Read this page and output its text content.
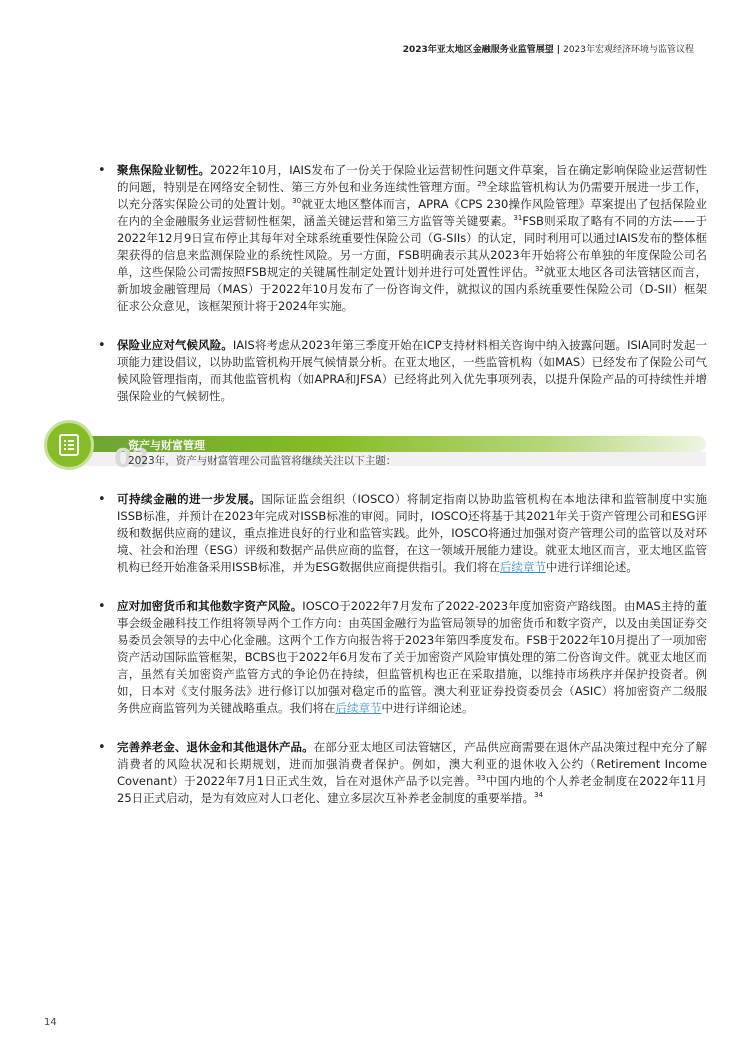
2023年亚太地区金融服务业监管展望 | 2023年宏观经济环境与监管议程
• 聚焦保险业韧性。2022年10月，IAIS发布了一份关于保险业运营韧性问题文件草案，旨在确定影响保险业运营韧性的问题，特别是在网络安全韧性、第三方外包和业务连续性管理方面。$^{29}$全球监管机构认为仍需要开展进一步工作，以充分落实保险公司的处置计划。$^{30}$就亚太地区整体而言，APRA《CPS 230操作风险管理》草案提出了包括保险业在内的全金融服务业运营韧性框架，涵盖关键运营和第三方监管等关键要素。$^{31}$FSB则采取了略有不同的方法——于2022年12月9日宣布停止其每年对全球系统重要性保险公司（G-SIIs）的认定，同时利用可以通过IAIS发布的整体框架获得的信息来监测保险业的系统性风险。另一方面，FSB明确表示其从2023年开始将公布单独的年度保险公司名单，这些保险公司需按照FSB规定的关键属性制定处置计划并进行可处置性评估。$^{32}$就亚太地区各司法管辖区而言，新加坡金融管理局（MAS）于2022年10月发布了一份咨询文件，就拟议的国内系统重要性保险公司（D-SII）框架征求公众意见，该框架预计将于2024年实施。
• 保险业应对气候风险。IAIS将考虑从2023年第三季度开始在ICP支持材料相关咨询中纳入披露问题。ISIA同时发起一项能力建设倡议，以协助监管机构开展气候情景分析。在亚太地区，一些监管机构（如MAS）已经发布了保险公司气候风险管理指南，而其他监管机构（如APRA和JFSA）已经将此列入优先事项列表，以提升保险产品的可持续性并增强保险业的气候韧性。
03
资产与财富管理
2023年，资产与财富管理公司监管将继续关注以下主题：
• 可持续金融的进一步发展。国际证监会组织（IOSCO）将制定指南以协助监管机构在本地法律和监管制度中实施ISSB标准，并预计在2023年完成对ISSB标准的审阅。同时，IOSCO还将基于其2021年关于资产管理公司和ESG评级和数据供应商的建议，重点推进良好的行业和监管实践。此外，IOSCO将通过加强对资产管理公司的监管以及对环境、社会和治理（ESG）评级和数据产品供应商的监督，在这一领域开展能力建设。就亚太地区而言，亚太地区监管机构已经开始准备采用ISSB标准，并为ESG数据供应商提供指引。我们将在后续章节中进行详细论述。
• 应对加密货币和其他数字资产风险。IOSCO于2022年7月发布了2022-2023年度加密资产路线图。由MAS主持的董事会级金融科技工作组将领导两个工作方向：由英国金融行为监管局领导的加密货币和数字资产，以及由美国证券交易委员会领导的去中心化金融。这两个工作方向报告将于2023年第四季度发布。FSB于2022年10月提出了一项加密资产活动国际监管框架，BCBS也于2022年6月发布了关于加密资产风险审慎处理的第二份咨询文件。就亚太地区而言，虽然有关加密资产监管方式的争论仍在持续，但监管机构也正在采取措施，以维持市场秩序并保护投资者。例如，日本对《支付服务法》进行修订以加强对稳定币的监管。澳大利亚证券投资委员会（ASIC）将加密资产二级服务供应商监管列为关键战略重点。我们将在后续章节中进行详细论述。
• 完善养老金、退休金和其他退休产品。在部分亚太地区司法管辖区，产品供应商需要在退休产品决策过程中充分了解消费者的风险状况和长期规划，进而加强消费者保护。例如，澳大利亚的退休收入公约（Retirement Income Covenant）于2022年7月1日正式生效，旨在对退休产品予以完善。$^{33}$中国内地的个人养老金制度在2022年11月25日正式启动，是为有效应对人口老化、建立多层次互补养老金制度的重要举措。$^{34}$
14
